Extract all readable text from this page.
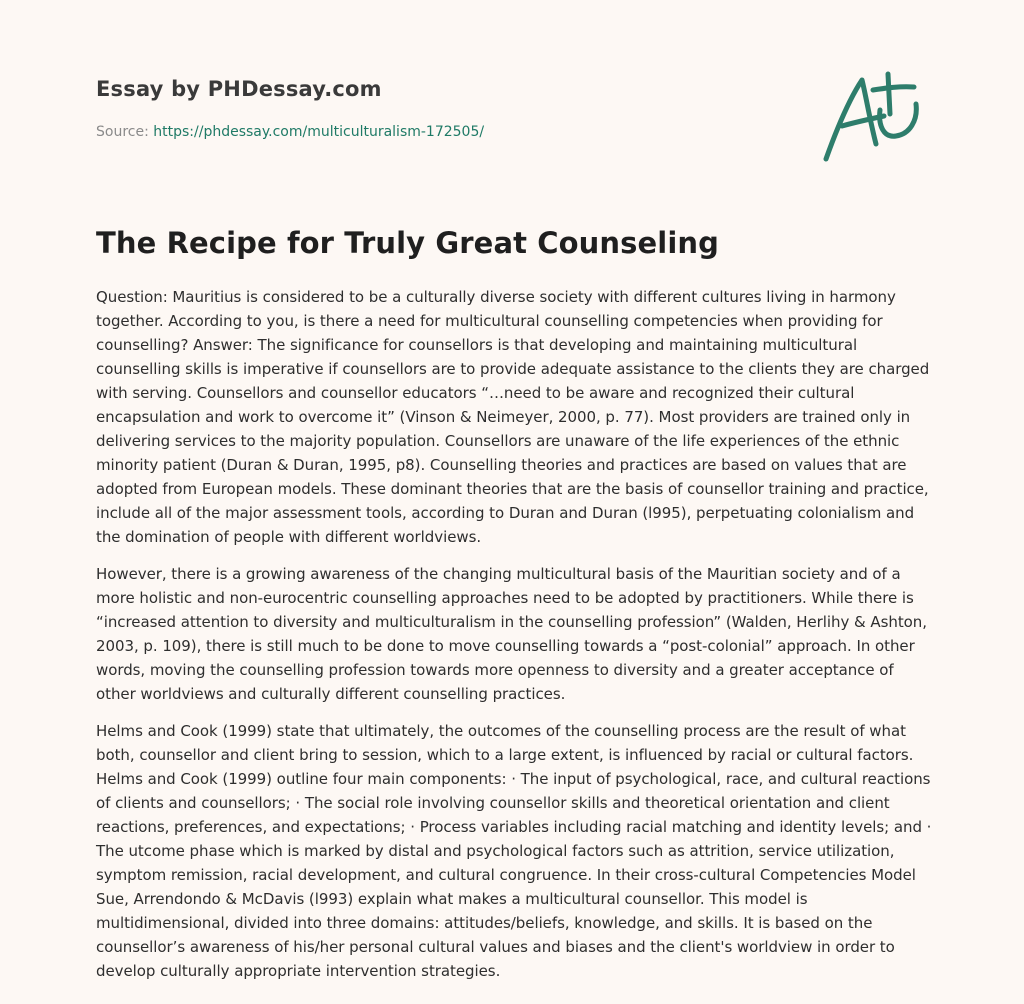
Essay by PHDessay.com
Source: https://phdessay.com/multiculturalism-172505/
The Recipe for Truly Great Counseling

Question: Mauritius is considered to be a culturally diverse society with different cultures living in harmony together. According to you, is there a need for multicultural counselling competencies when providing for counselling? Answer: The significance for counsellors is that developing and maintaining multicultural counselling skills is imperative if counsellors are to provide adequate assistance to the clients they are charged with serving. Counsellors and counsellor educators “…need to be aware and recognized their cultural encapsulation and work to overcome it” (Vinson & Neimeyer, 2000, p. 77). Most providers are trained only in delivering services to the majority population. Counsellors are unaware of the life experiences of the ethnic minority patient (Duran & Duran, 1995, p8). Counselling theories and practices are based on values that are adopted from European models. These dominant theories that are the basis of counsellor training and practice, include all of the major assessment tools, according to Duran and Duran (l995), perpetuating colonialism and the domination of people with different worldviews.

However, there is a growing awareness of the changing multicultural basis of the Mauritian society and of a more holistic and non-eurocentric counselling approaches need to be adopted by practitioners. While there is “increased attention to diversity and multiculturalism in the counselling profession” (Walden, Herlihy & Ashton, 2003, p. 109), there is still much to be done to move counselling towards a “post-colonial” approach. In other words, moving the counselling profession towards more openness to diversity and a greater acceptance of other worldviews and culturally different counselling practices.

Helms and Cook (1999) state that ultimately, the outcomes of the counselling process are the result of what both, counsellor and client bring to session, which to a large extent, is influenced by racial or cultural factors. Helms and Cook (1999) outline four main components: · The input of psychological, race, and cultural reactions of clients and counsellors; · The social role involving counsellor skills and theoretical orientation and client reactions, preferences, and expectations; · Process variables including racial matching and identity levels; and · The utcome phase which is marked by distal and psychological factors such as attrition, service utilization, symptom remission, racial development, and cultural congruence. In their cross-cultural Competencies Model Sue, Arrendondo & McDavis (l993) explain what makes a multicultural counsellor. This model is multidimensional, divided into three domains: attitudes/beliefs, knowledge, and skills. It is based on the counsellor’s awareness of his/her personal cultural values and biases and the client's worldview in order to develop culturally appropriate intervention strategies.
